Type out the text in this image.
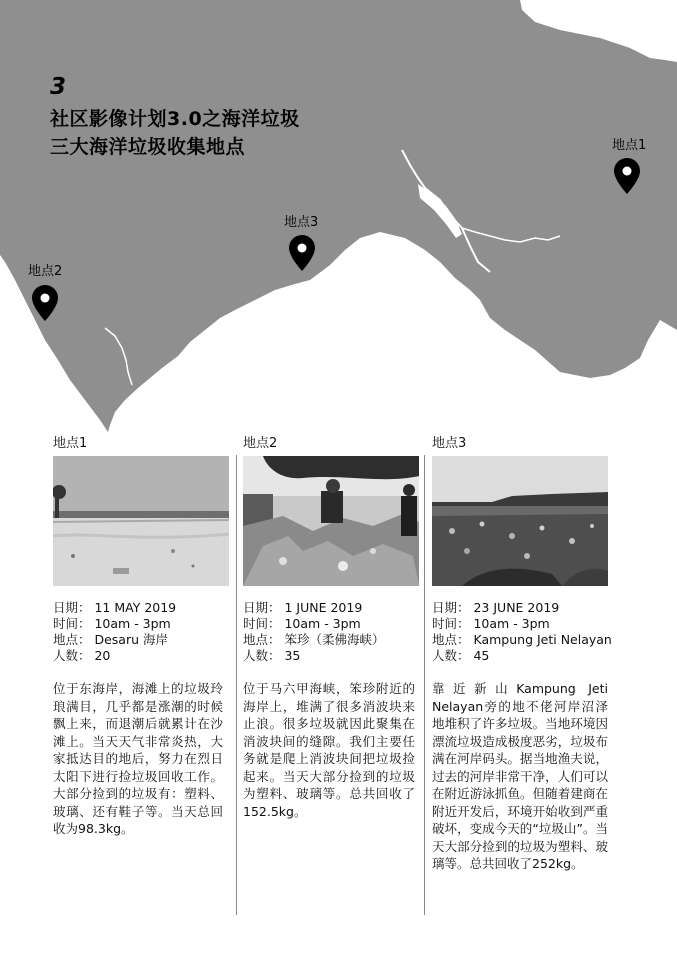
3
社区影像计划3.0之海洋垃圾
三大海洋垃圾收集地点	地点1
地点2
地点3
地点1
日期： 11 MAY 2019
时间： 10am - 3pm
地点： Desaru 海岸
人数： 20
位于东海岸，海滩上的垃圾玲琅满目，几乎都是涨潮的时候飘上来，而退潮后就累计在沙滩上。当天天气非常炎热，大家抵达目的地后，努力在烈日太阳下进行捡垃圾回收工作。大部分捡到的垃圾有：塑料、玻璃、还有鞋子等。当天总回收为98.3kg。
地点2
日期： 1 JUNE 2019
时间： 10am - 3pm
地点： 笨珍（柔佛海峡）
人数： 35
位于马六甲海峡，笨珍附近的海岸上，堆满了很多消波块来止浪。很多垃圾就因此聚集在消波块间的缝隙。我们主要任务就是爬上消波块间把垃圾捡起来。当天大部分捡到的垃圾为塑料、玻璃等。总共回收了152.5kg。
地点3
日期： 23 JUNE 2019
时间： 10am - 3pm
地点： Kampung Jeti Nelayan
人数： 45
靠近新山Kampung Jeti Nelayan旁的地不佬河岸沼泽地堆积了许多垃圾。当地环境因漂流垃圾造成极度恶劣，垃圾布满在河岸码头。据当地渔夫说，过去的河岸非常干净，人们可以在附近游泳抓鱼。但随着建商在附近开发后，环境开始收到严重破坏，变成今天的“垃圾山”。当天大部分捡到的垃圾为塑料、玻璃等。总共回收了252kg。
